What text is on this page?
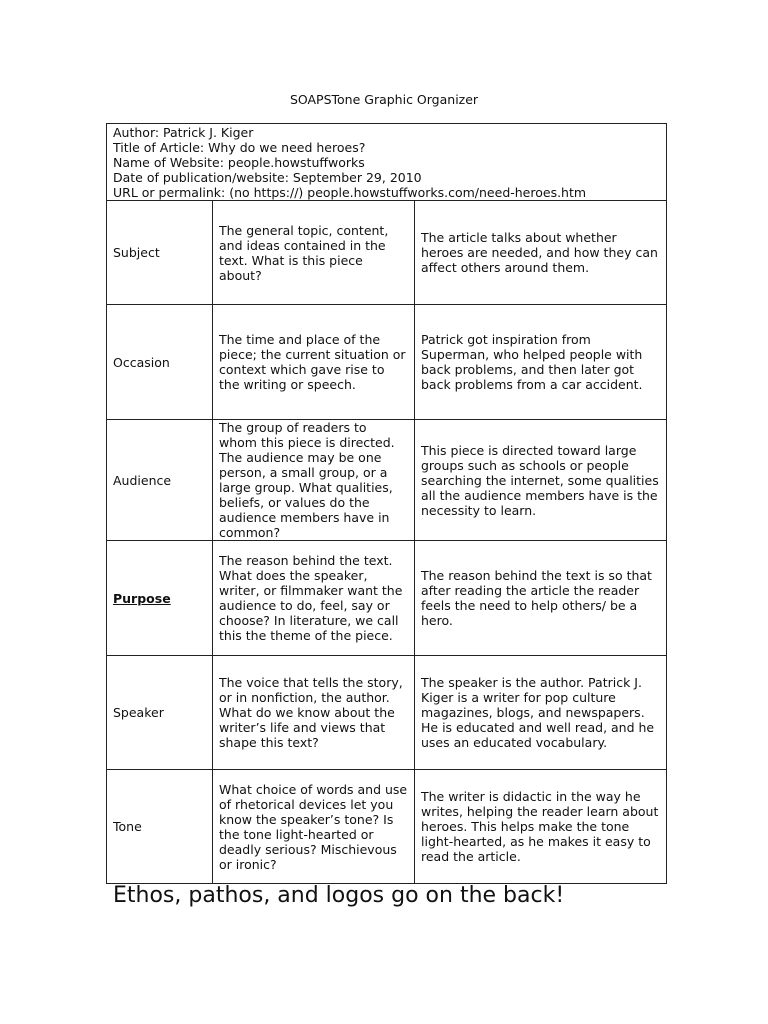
SOAPSTone Graphic Organizer
Author: Patrick J. Kiger
Title of Article: Why do we need heroes?
Name of Website: people.howstuffworks
Date of publication/website: September 29, 2010
URL or permalink: (no https://) people.howstuffworks.com/need-heroes.htm		

Subject	The general topic, content, and ideas contained in the text. What is this piece about?	The article talks about whether heroes are needed, and how they can affect others around them.
Occasion	The time and place of the piece; the current situation or context which gave rise to the writing or speech.	Patrick got inspiration from Superman, who helped people with back problems, and then later got back problems from a car accident.
Audience	The group of readers to whom this piece is directed. The audience may be one person, a small group, or a large group. What qualities, beliefs, or values do the audience members have in common?	This piece is directed toward large groups such as schools or people searching the internet, some qualities all the audience members have is the necessity to learn.
Purpose	The reason behind the text. What does the speaker, writer, or filmmaker want the audience to do, feel, say or choose? In literature, we call this the theme of the piece.	The reason behind the text is so that after reading the article the reader feels the need to help others/ be a hero.
Speaker	The voice that tells the story, or in nonfiction, the author. What do we know about the writer’s life and views that shape this text?	The speaker is the author. Patrick J. Kiger is a writer for pop culture magazines, blogs, and newspapers. He is educated and well read, and he uses an educated vocabulary.
Tone	What choice of words and use of rhetorical devices let you know the speaker’s tone? Is the tone light-hearted or deadly serious? Mischievous or ironic?	The writer is didactic in the way he writes, helping the reader learn about heroes. This helps make the tone light-hearted, as he makes it easy to read the article.
Ethos, pathos, and logos go on the back!
